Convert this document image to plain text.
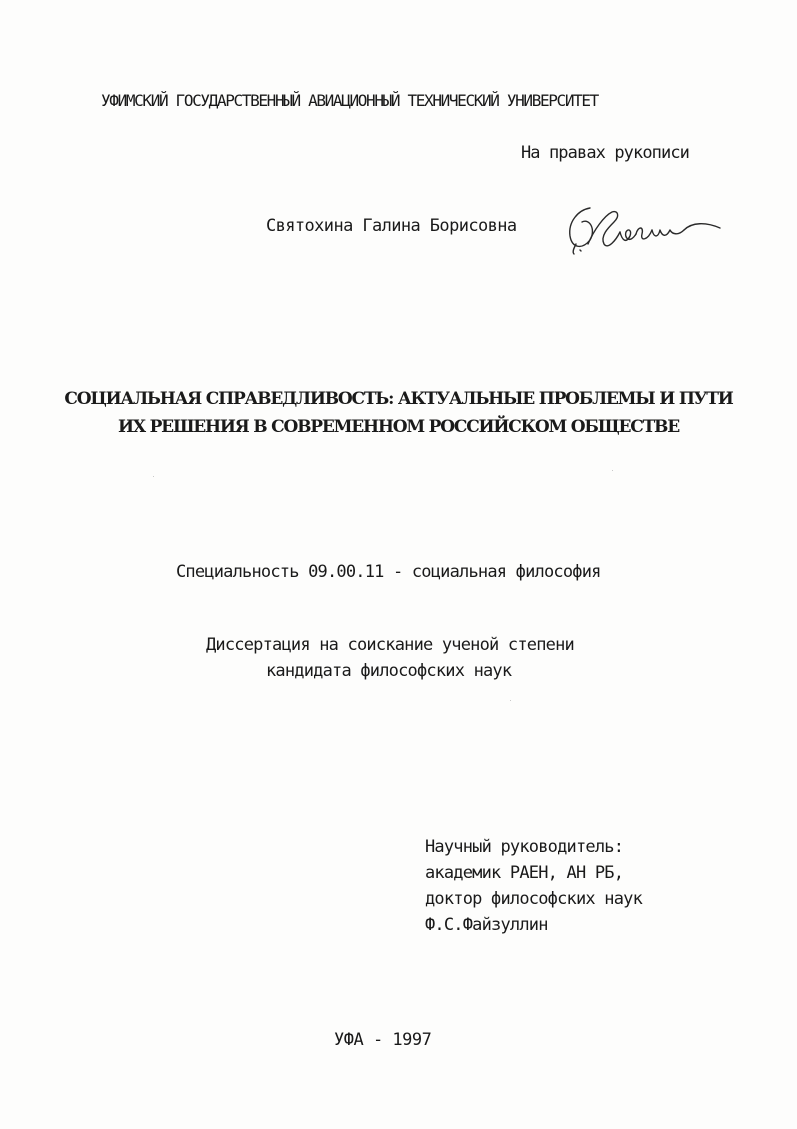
УФИМСКИЙ ГОСУДАРСТВЕННЫЙ АВИАЦИОННЫЙ ТЕХНИЧЕСКИЙ УНИВЕРСИТЕТ
На правах рукописи
Святохина Галина Борисовна
СОЦИАЛЬНАЯ СПРАВЕДЛИВОСТЬ: АКТУАЛЬНЫЕ ПРОБЛЕМЫ И ПУТИ
ИХ РЕШЕНИЯ В СОВРЕМЕННОМ РОССИЙСКОМ ОБЩЕСТВЕ
Специальность 09.00.11 - социальная философия
Диссертация на соискание ученой степени
кандидата философских наук
Научный руководитель:
академик РАЕН, АН РБ,
доктор философских наук
Ф.С.Файзуллин
УФА - 1997
